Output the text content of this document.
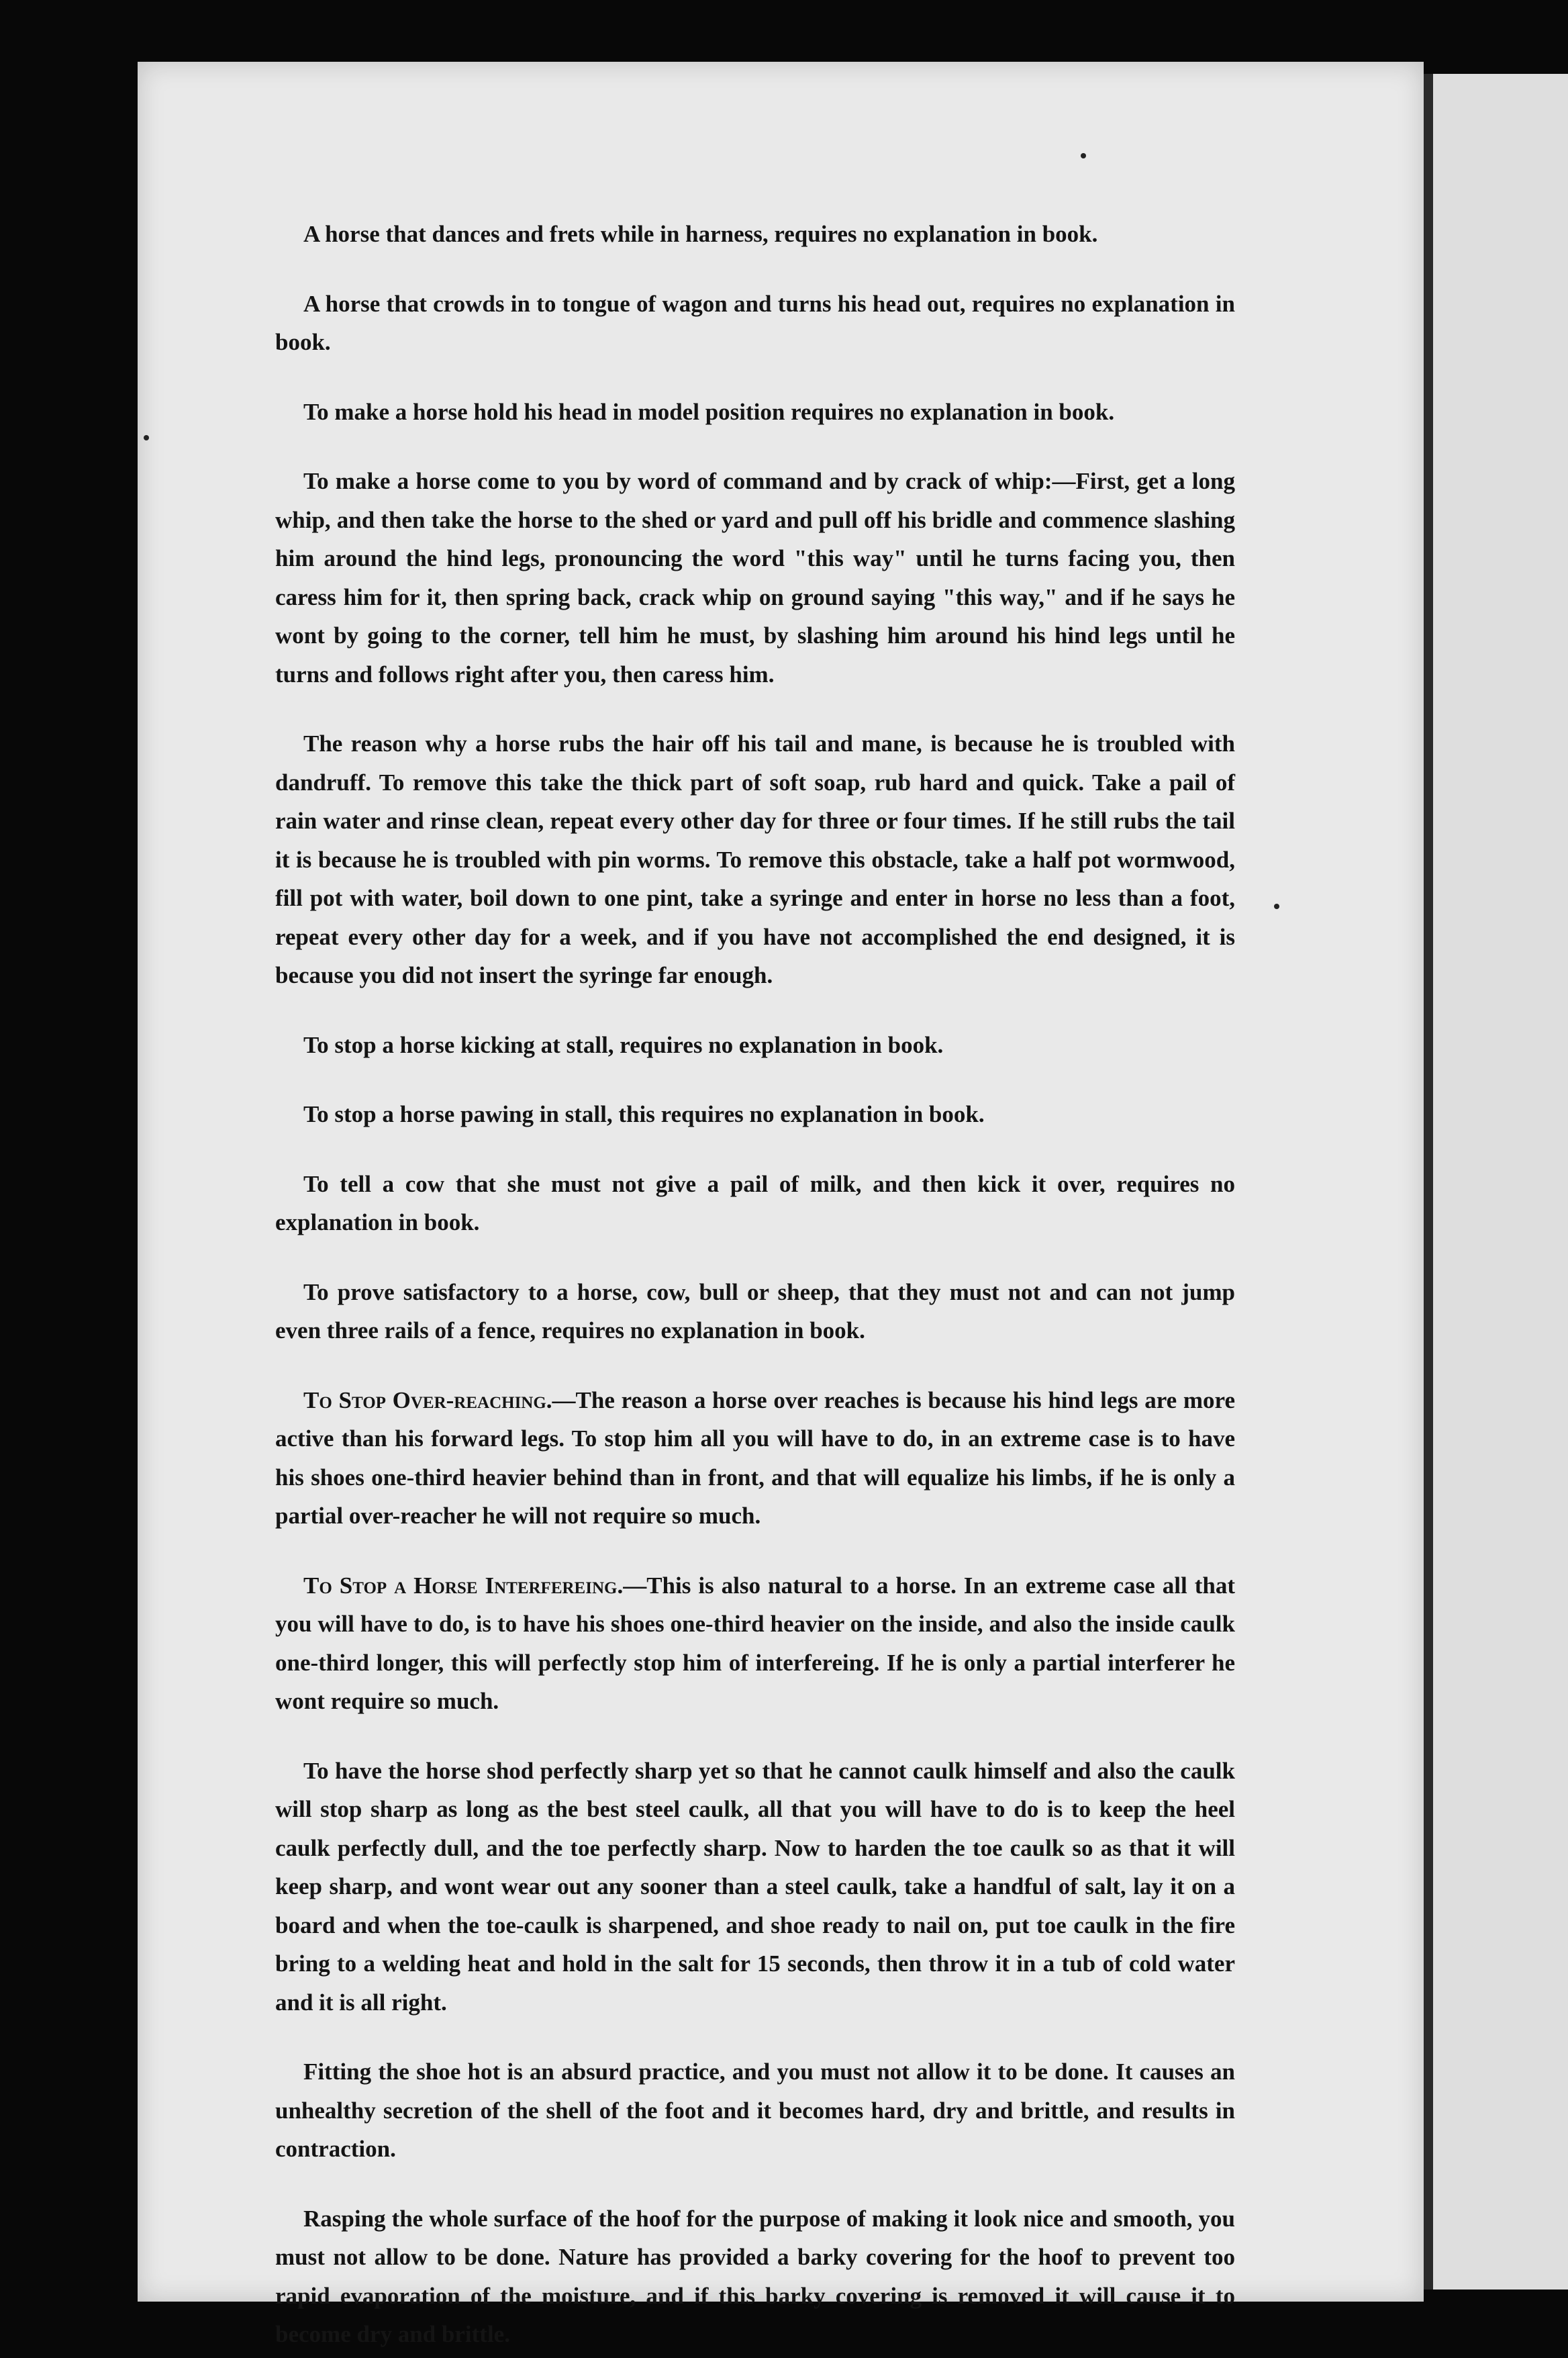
A horse that dances and frets while in harness, requires no explanation in book.

A horse that crowds in to tongue of wagon and turns his head out, requires no explanation in book.

To make a horse hold his head in model position requires no explanation in book.

To make a horse come to you by word of command and by crack of whip:—First, get a long whip, and then take the horse to the shed or yard and pull off his bridle and commence slashing him around the hind legs, pronouncing the word "this way" until he turns facing you, then caress him for it, then spring back, crack whip on ground saying "this way," and if he says he wont by going to the corner, tell him he must, by slashing him around his hind legs until he turns and follows right after you, then caress him.

The reason why a horse rubs the hair off his tail and mane, is because he is troubled with dandruff. To remove this take the thick part of soft soap, rub hard and quick. Take a pail of rain water and rinse clean, repeat every other day for three or four times. If he still rubs the tail it is because he is troubled with pin worms. To remove this obstacle, take a half pot wormwood, fill pot with water, boil down to one pint, take a syringe and enter in horse no less than a foot, repeat every other day for a week, and if you have not accomplished the end designed, it is because you did not insert the syringe far enough.

To stop a horse kicking at stall, requires no explanation in book.

To stop a horse pawing in stall, this requires no explanation in book.

To tell a cow that she must not give a pail of milk, and then kick it over, requires no explanation in book.

To prove satisfactory to a horse, cow, bull or sheep, that they must not and can not jump even three rails of a fence, requires no explanation in book.

To Stop Over-reaching.—The reason a horse over reaches is because his hind legs are more active than his forward legs. To stop him all you will have to do, in an extreme case is to have his shoes one-third heavier behind than in front, and that will equalize his limbs, if he is only a partial over-reacher he will not require so much.

To Stop a Horse Interfereing.—This is also natural to a horse. In an extreme case all that you will have to do, is to have his shoes one-third heavier on the inside, and also the inside caulk one-third longer, this will perfectly stop him of interfereing. If he is only a partial interferer he wont require so much.

To have the horse shod perfectly sharp yet so that he cannot caulk himself and also the caulk will stop sharp as long as the best steel caulk, all that you will have to do is to keep the heel caulk perfectly dull, and the toe perfectly sharp. Now to harden the toe caulk so as that it will keep sharp, and wont wear out any sooner than a steel caulk, take a handful of salt, lay it on a board and when the toe-caulk is sharpened, and shoe ready to nail on, put toe caulk in the fire bring to a welding heat and hold in the salt for 15 seconds, then throw it in a tub of cold water and it is all right.

Fitting the shoe hot is an absurd practice, and you must not allow it to be done. It causes an unhealthy secretion of the shell of the foot and it becomes hard, dry and brittle, and results in contraction.

Rasping the whole surface of the hoof for the purpose of making it look nice and smooth, you must not allow to be done. Nature has provided a barky covering for the hoof to prevent too rapid evaporation of the moisture, and if this barky covering is removed it will cause it to become dry and brittle.
